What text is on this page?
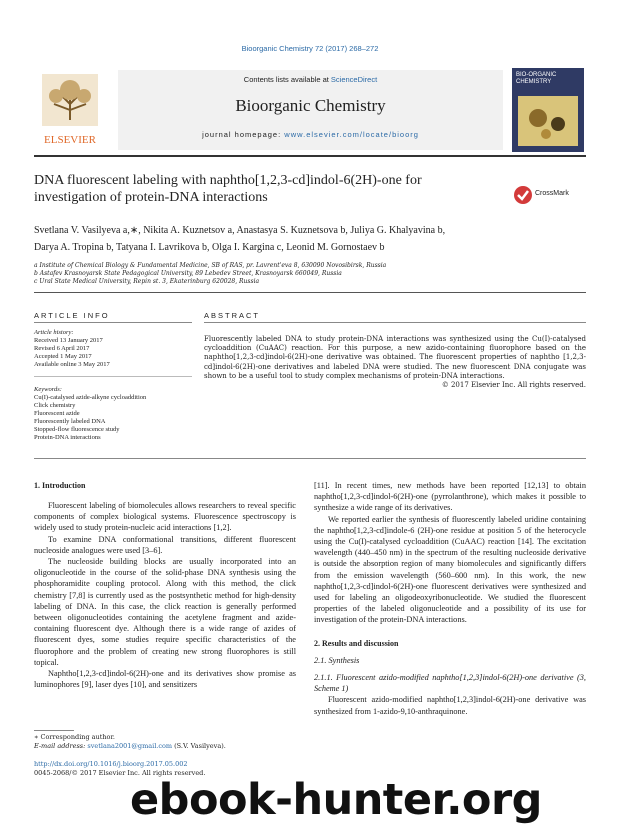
Bioorganic Chemistry 72 (2017) 268–272
ELSEVIER
Contents lists available at ScienceDirect
Bioorganic Chemistry
journal homepage: www.elsevier.com/locate/bioorg
BIO-ORGANIC CHEMISTRY
DNA fluorescent labeling with naphtho[1,2,3-cd]indol-6(2H)-one for investigation of protein-DNA interactions	CrossMark
Svetlana V. Vasilyeva a,∗, Nikita A. Kuznetsov a, Anastasya S. Kuznetsova b, Juliya G. Khalyavina b,
Darya A. Tropina b, Tatyana I. Lavrikova b, Olga I. Kargina c, Leonid M. Gornostaev b
a Institute of Chemical Biology & Fundamental Medicine, SB of RAS, pr. Lavrent'eva 8, 630090 Novosibirsk, Russia
b Astafev Krasnoyarsk State Pedagogical University, 89 Lebedev Street, Krasnoyarsk 660049, Russia
c Ural State Medical University, Repin st. 3, Ekaterinburg 620028, Russia
ARTICLE INFO	ABSTRACT
Article history:
Received 13 January 2017
Revised 6 April 2017
Accepted 1 May 2017
Available online 3 May 2017
Keywords:
Cu(I)-catalysed azide-alkyne cycloaddition
Click chemistry
Fluorescent azide
Fluorescently labeled DNA
Stopped-flow fluorescence study
Protein-DNA interactions
Fluorescently labeled DNA to study protein-DNA interactions was synthesized using the Cu(I)-catalysed cycloaddition (CuAAC) reaction. For this purpose, a new azido-containing fluorophore based on the naphtho[1,2,3-cd]indol-6(2H)-one derivative was obtained. The fluorescent properties of naphtho [1,2,3-cd]indol-6(2H)-one derivatives and labeled DNA were studied. The new fluorescent DNA conjugate was shown to be a useful tool to study complex mechanisms of protein-DNA interactions.
© 2017 Elsevier Inc. All rights reserved.
1. Introduction

Fluorescent labeling of biomolecules allows researchers to reveal specific components of complex biological systems. Fluorescence spectroscopy is widely used to study protein-nucleic acid interactions [1,2].

To examine DNA conformational transitions, different fluorescent nucleoside analogues were used [3–6].

The nucleoside building blocks are usually incorporated into an oligonucleotide in the course of the solid-phase DNA synthesis using the phosphoramidite coupling protocol. Along with this method, the click chemistry [7,8] is currently used as the postsynthetic method for high-density labeling of DNA. In this case, the click reaction is generally performed between oligonucleotides containing the acetylene fragment and azide-containing fluorescent dye. Although there is a wide range of azides of fluorescent dyes, some studies require specific characteristics of the fluorophore and the problem of creating new strong fluorophores is still topical.

Naphtho[1,2,3-cd]indol-6(2H)-one and its derivatives show promise as luminophores [9], laser dyes [10], and sensitizers

[11]. In recent times, new methods have been reported [12,13] to obtain naphtho[1,2,3-cd]indol-6(2H)-one (pyrrolanthrone), which makes it possible to synthesize a wide range of its derivatives.

We reported earlier the synthesis of fluorescently labeled uridine containing the naphtho[1,2,3-cd]indole-6 (2H)-one residue at position 5 of the heterocycle using the Cu(I)-catalysed cycloaddition (CuAAC) reaction [14]. The excitation wavelength (440–450 nm) in the spectrum of the resulting nucleoside derivative is outside the absorption region of many biomolecules and significantly differs from the emission wavelength (560–600 nm). In this work, the new naphtho[1,2,3-cd]indol-6(2H)-one fluorescent derivatives were synthesized and used for labeling an oligodeoxyribonucleotide. We studied the fluorescent properties of the labeled oligonucleotide and a possibility of its use for investigation of the protein-DNA interactions.

2. Results and discussion
2.1. Synthesis
2.1.1. Fluorescent azido-modified naphtho[1,2,3]indol-6(2H)-one derivative (3, Scheme 1)

Fluorescent azido-modified naphtho[1,2,3]indol-6(2H)-one derivative was synthesized from 1-azido-9,10-anthraquinone.

∗ Corresponding author.
E-mail address: svetlana2001@gmail.com (S.V. Vasilyeva).
http://dx.doi.org/10.1016/j.bioorg.2017.05.002
0045-2068/© 2017 Elsevier Inc. All rights reserved.
ebook-hunter.org
